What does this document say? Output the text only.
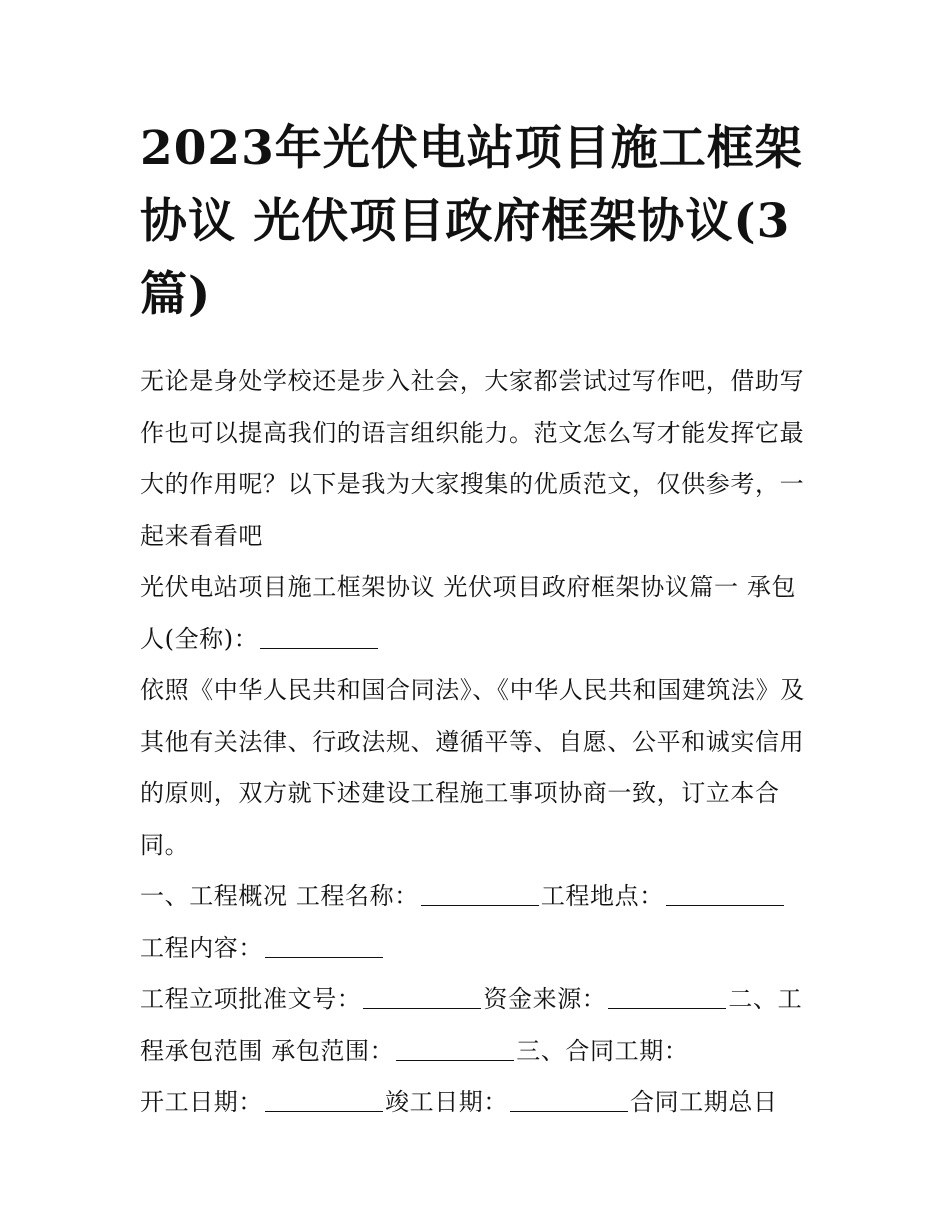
2023年光伏电站项目施工框架协议 光伏项目政府框架协议(3篇)

无论是身处学校还是步入社会，大家都尝试过写作吧，借助写作也可以提高我们的语言组织能力。范文怎么写才能发挥它最大的作用呢？以下是我为大家搜集的优质范文，仅供参考，一起来看看吧

光伏电站项目施工框架协议 光伏项目政府框架协议篇一 承包人(全称)：

依照《中华人民共和国合同法》、《中华人民共和国建筑法》及其他有关法律、行政法规、遵循平等、自愿、公平和诚实信用的原则，双方就下述建设工程施工事项协商一致，订立本合同。

一、工程概况 工程名称：	工程地点：
工程内容：

工程立项批准文号：	资金来源：	二、工程承包范围 承包范围：	三、合同工期：

开工日期：	竣工日期：	合同工期总日
